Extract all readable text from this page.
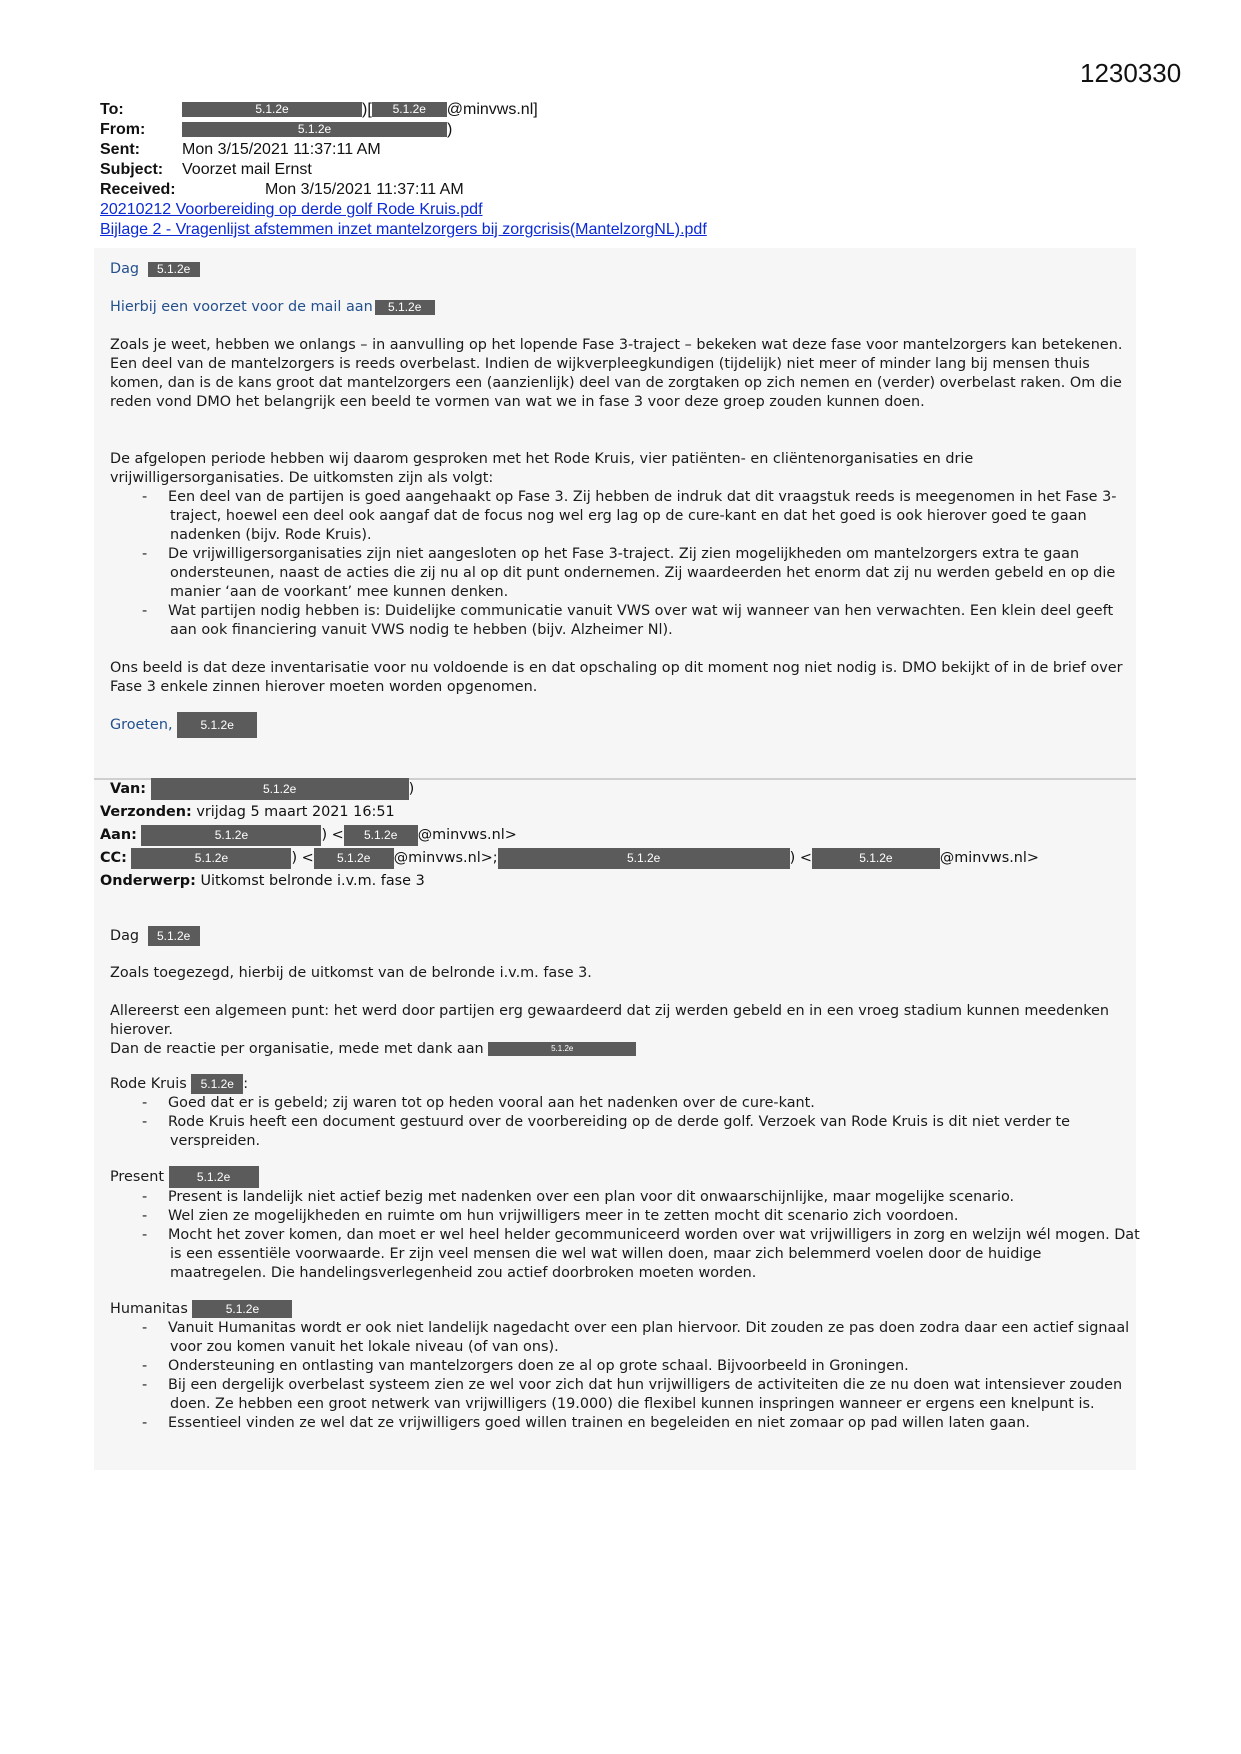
1230330
To:	5.1.2e	)[ 5.1.2e @minvws.nl]
From:	5.1.2e	)
Sent:	Mon 3/15/2021 11:37:11 AM
Subject: Voorzet mail Ernst
Received:	Mon 3/15/2021 11:37:11 AM
20210212 Voorbereiding op derde golf Rode Kruis.pdf
Bijlage 2 - Vragenlijst afstemmen inzet mantelzorgers bij zorgcrisis(MantelzorgNL).pdf
Dag 5.1.2e
Hierbij een voorzet voor de mail aan 5.1.2e
Zoals je weet, hebben we onlangs – in aanvulling op het lopende Fase 3-traject – bekeken wat deze fase voor mantelzorgers kan betekenen. Een deel van de mantelzorgers is reeds overbelast. Indien de wijkverpleegkundigen (tijdelijk) niet meer of minder lang bij mensen thuis komen, dan is de kans groot dat mantelzorgers een (aanzienlijk) deel van de zorgtaken op zich nemen en (verder) overbelast raken. Om die reden vond DMO het belangrijk een beeld te vormen van wat we in fase 3 voor deze groep zouden kunnen doen.
De afgelopen periode hebben wij daarom gesproken met het Rode Kruis, vier patiënten- en cliëntenorganisaties en drie vrijwilligersorganisaties. De uitkomsten zijn als volgt:
- Een deel van de partijen is goed aangehaakt op Fase 3. Zij hebben de indruk dat dit vraagstuk reeds is meegenomen in het Fase 3-traject, hoewel een deel ook aangaf dat de focus nog wel erg lag op de cure-kant en dat het goed is ook hierover goed te gaan nadenken (bijv. Rode Kruis).
- De vrijwilligersorganisaties zijn niet aangesloten op het Fase 3-traject. Zij zien mogelijkheden om mantelzorgers extra te gaan ondersteunen, naast de acties die zij nu al op dit punt ondernemen. Zij waardeerden het enorm dat zij nu werden gebeld en op die manier ‘aan de voorkant’ mee kunnen denken.
- Wat partijen nodig hebben is: Duidelijke communicatie vanuit VWS over wat wij wanneer van hen verwachten. Een klein deel geeft aan ook financiering vanuit VWS nodig te hebben (bijv. Alzheimer Nl).
Ons beeld is dat deze inventarisatie voor nu voldoende is en dat opschaling op dit moment nog niet nodig is. DMO bekijkt of in de brief over Fase 3 enkele zinnen hierover moeten worden opgenomen.
Groeten, 5.1.2e
Van:	5.1.2e	)
Verzonden: vrijdag 5 maart 2021 16:51
Aan:	5.1.2e	) < 5.1.2e @minvws.nl>
CC:	5.1.2e	) < 5.1.2e @minvws.nl>;	5.1.2e	) <	5.1.2e	@minvws.nl>
Onderwerp: Uitkomst belronde i.v.m. fase 3
Dag 5.1.2e
Zoals toegezegd, hierbij de uitkomst van de belronde i.v.m. fase 3.
Allereerst een algemeen punt: het werd door partijen erg gewaardeerd dat zij werden gebeld en in een vroeg stadium kunnen meedenken hierover.
Dan de reactie per organisatie, mede met dank aan	5.1.2e
Rode Kruis 5.1.2e :
- Goed dat er is gebeld; zij waren tot op heden vooral aan het nadenken over de cure-kant.
- Rode Kruis heeft een document gestuurd over de voorbereiding op de derde golf. Verzoek van Rode Kruis is dit niet verder te verspreiden.
Present	5.1.2e
- Present is landelijk niet actief bezig met nadenken over een plan voor dit onwaarschijnlijke, maar mogelijke scenario.
- Wel zien ze mogelijkheden en ruimte om hun vrijwilligers meer in te zetten mocht dit scenario zich voordoen.
- Mocht het zover komen, dan moet er wel heel helder gecommuniceerd worden over wat vrijwilligers in zorg en welzijn wél mogen. Dat is een essentiële voorwaarde. Er zijn veel mensen die wel wat willen doen, maar zich belemmerd voelen door de huidige maatregelen. Die handelingsverlegenheid zou actief doorbroken moeten worden.
Humanitas	5.1.2e
- Vanuit Humanitas wordt er ook niet landelijk nagedacht over een plan hiervoor. Dit zouden ze pas doen zodra daar een actief signaal voor zou komen vanuit het lokale niveau (of van ons).
- Ondersteuning en ontlasting van mantelzorgers doen ze al op grote schaal. Bijvoorbeeld in Groningen.
- Bij een dergelijk overbelast systeem zien ze wel voor zich dat hun vrijwilligers de activiteiten die ze nu doen wat intensiever zouden doen. Ze hebben een groot netwerk van vrijwilligers (19.000) die flexibel kunnen inspringen wanneer er ergens een knelpunt is.
- Essentieel vinden ze wel dat ze vrijwilligers goed willen trainen en begeleiden en niet zomaar op pad willen laten gaan.
